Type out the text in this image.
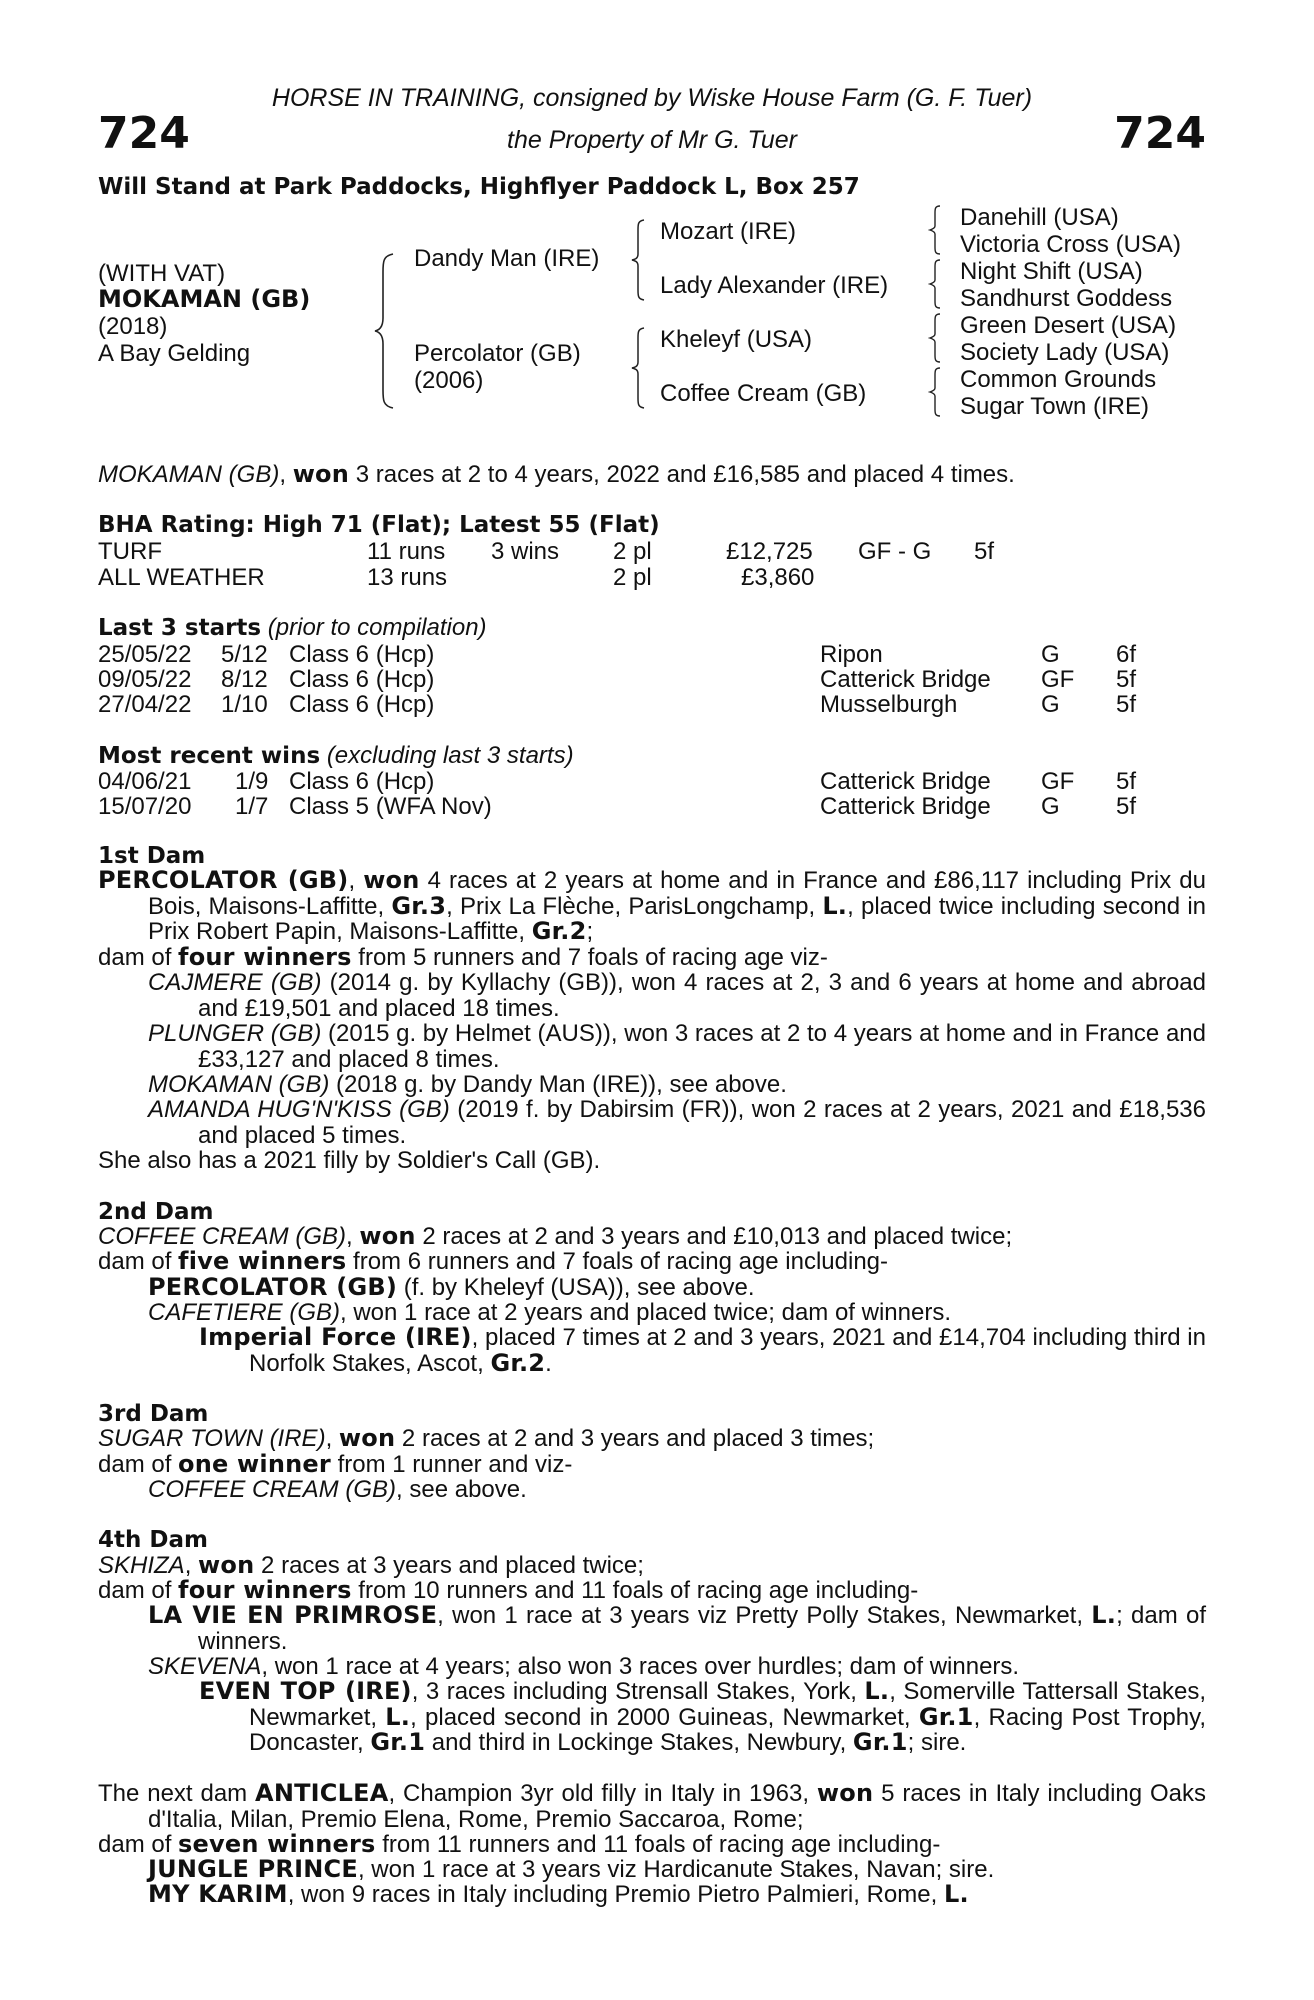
724	724
HORSE IN TRAINING, consigned by Wiske House Farm (G. F. Tuer)
the Property of Mr G. Tuer
Will Stand at Park Paddocks, Highflyer Paddock L, Box 257
(WITH VAT)
MOKAMAN (GB)
(2018)
A Bay Gelding
Dandy Man (IRE)
Percolator (GB)
(2006)
Mozart (IRE)
Lady Alexander (IRE)
Kheleyf (USA)
Coffee Cream (GB)
Danehill (USA)
Victoria Cross (USA)
Night Shift (USA)
Sandhurst Goddess
Green Desert (USA)
Society Lady (USA)
Common Grounds
Sugar Town (IRE)
MOKAMAN (GB), won 3 races at 2 to 4 years, 2022 and £16,585 and placed 4 times.
BHA Rating: High 71 (Flat); Latest 55 (Flat)
TURF	11 runs 3 wins 2 pl	£12,725 GF - G 5f
ALL WEATHER	13 runs	2 pl	£3,860
Last 3 starts (prior to compilation)
25/05/22 5/12 Class 6 (Hcp)	Ripon	G 6f
09/05/22 8/12 Class 6 (Hcp)	Catterick Bridge GF 5f
27/04/22 1/10 Class 6 (Hcp)	Musselburgh	G 5f
Most recent wins (excluding last 3 starts)
04/06/21 1/9 Class 6 (Hcp)	Catterick Bridge GF 5f
15/07/20 1/7 Class 5 (WFA Nov)	Catterick Bridge G 5f
1st Dam
PERCOLATOR (GB), won 4 races at 2 years at home and in France and £86,117 including Prix du Bois, Maisons-Laffitte, Gr.3, Prix La Flèche, ParisLongchamp, L., placed twice including second in Prix Robert Papin, Maisons-Laffitte, Gr.2;
dam of four winners from 5 runners and 7 foals of racing age viz-
CAJMERE (GB) (2014 g. by Kyllachy (GB)), won 4 races at 2, 3 and 6 years at home and abroad and £19,501 and placed 18 times.
PLUNGER (GB) (2015 g. by Helmet (AUS)), won 3 races at 2 to 4 years at home and in France and £33,127 and placed 8 times.
MOKAMAN (GB) (2018 g. by Dandy Man (IRE)), see above.
AMANDA HUG'N'KISS (GB) (2019 f. by Dabirsim (FR)), won 2 races at 2 years, 2021 and £18,536 and placed 5 times.
She also has a 2021 filly by Soldier's Call (GB).
2nd Dam
COFFEE CREAM (GB), won 2 races at 2 and 3 years and £10,013 and placed twice;
dam of five winners from 6 runners and 7 foals of racing age including-
PERCOLATOR (GB) (f. by Kheleyf (USA)), see above.
CAFETIERE (GB), won 1 race at 2 years and placed twice; dam of winners.
Imperial Force (IRE), placed 7 times at 2 and 3 years, 2021 and £14,704 including third in Norfolk Stakes, Ascot, Gr.2.
3rd Dam
SUGAR TOWN (IRE), won 2 races at 2 and 3 years and placed 3 times;
dam of one winner from 1 runner and viz-
COFFEE CREAM (GB), see above.
4th Dam
SKHIZA, won 2 races at 3 years and placed twice;
dam of four winners from 10 runners and 11 foals of racing age including-
LA VIE EN PRIMROSE, won 1 race at 3 years viz Pretty Polly Stakes, Newmarket, L.; dam of winners.
SKEVENA, won 1 race at 4 years; also won 3 races over hurdles; dam of winners.
EVEN TOP (IRE), 3 races including Strensall Stakes, York, L., Somerville Tattersall Stakes, Newmarket, L., placed second in 2000 Guineas, Newmarket, Gr.1, Racing Post Trophy, Doncaster, Gr.1 and third in Lockinge Stakes, Newbury, Gr.1; sire.
The next dam ANTICLEA, Champion 3yr old filly in Italy in 1963, won 5 races in Italy including Oaks d'Italia, Milan, Premio Elena, Rome, Premio Saccaroa, Rome;
dam of seven winners from 11 runners and 11 foals of racing age including-
JUNGLE PRINCE, won 1 race at 3 years viz Hardicanute Stakes, Navan; sire.
MY KARIM, won 9 races in Italy including Premio Pietro Palmieri, Rome, L.
